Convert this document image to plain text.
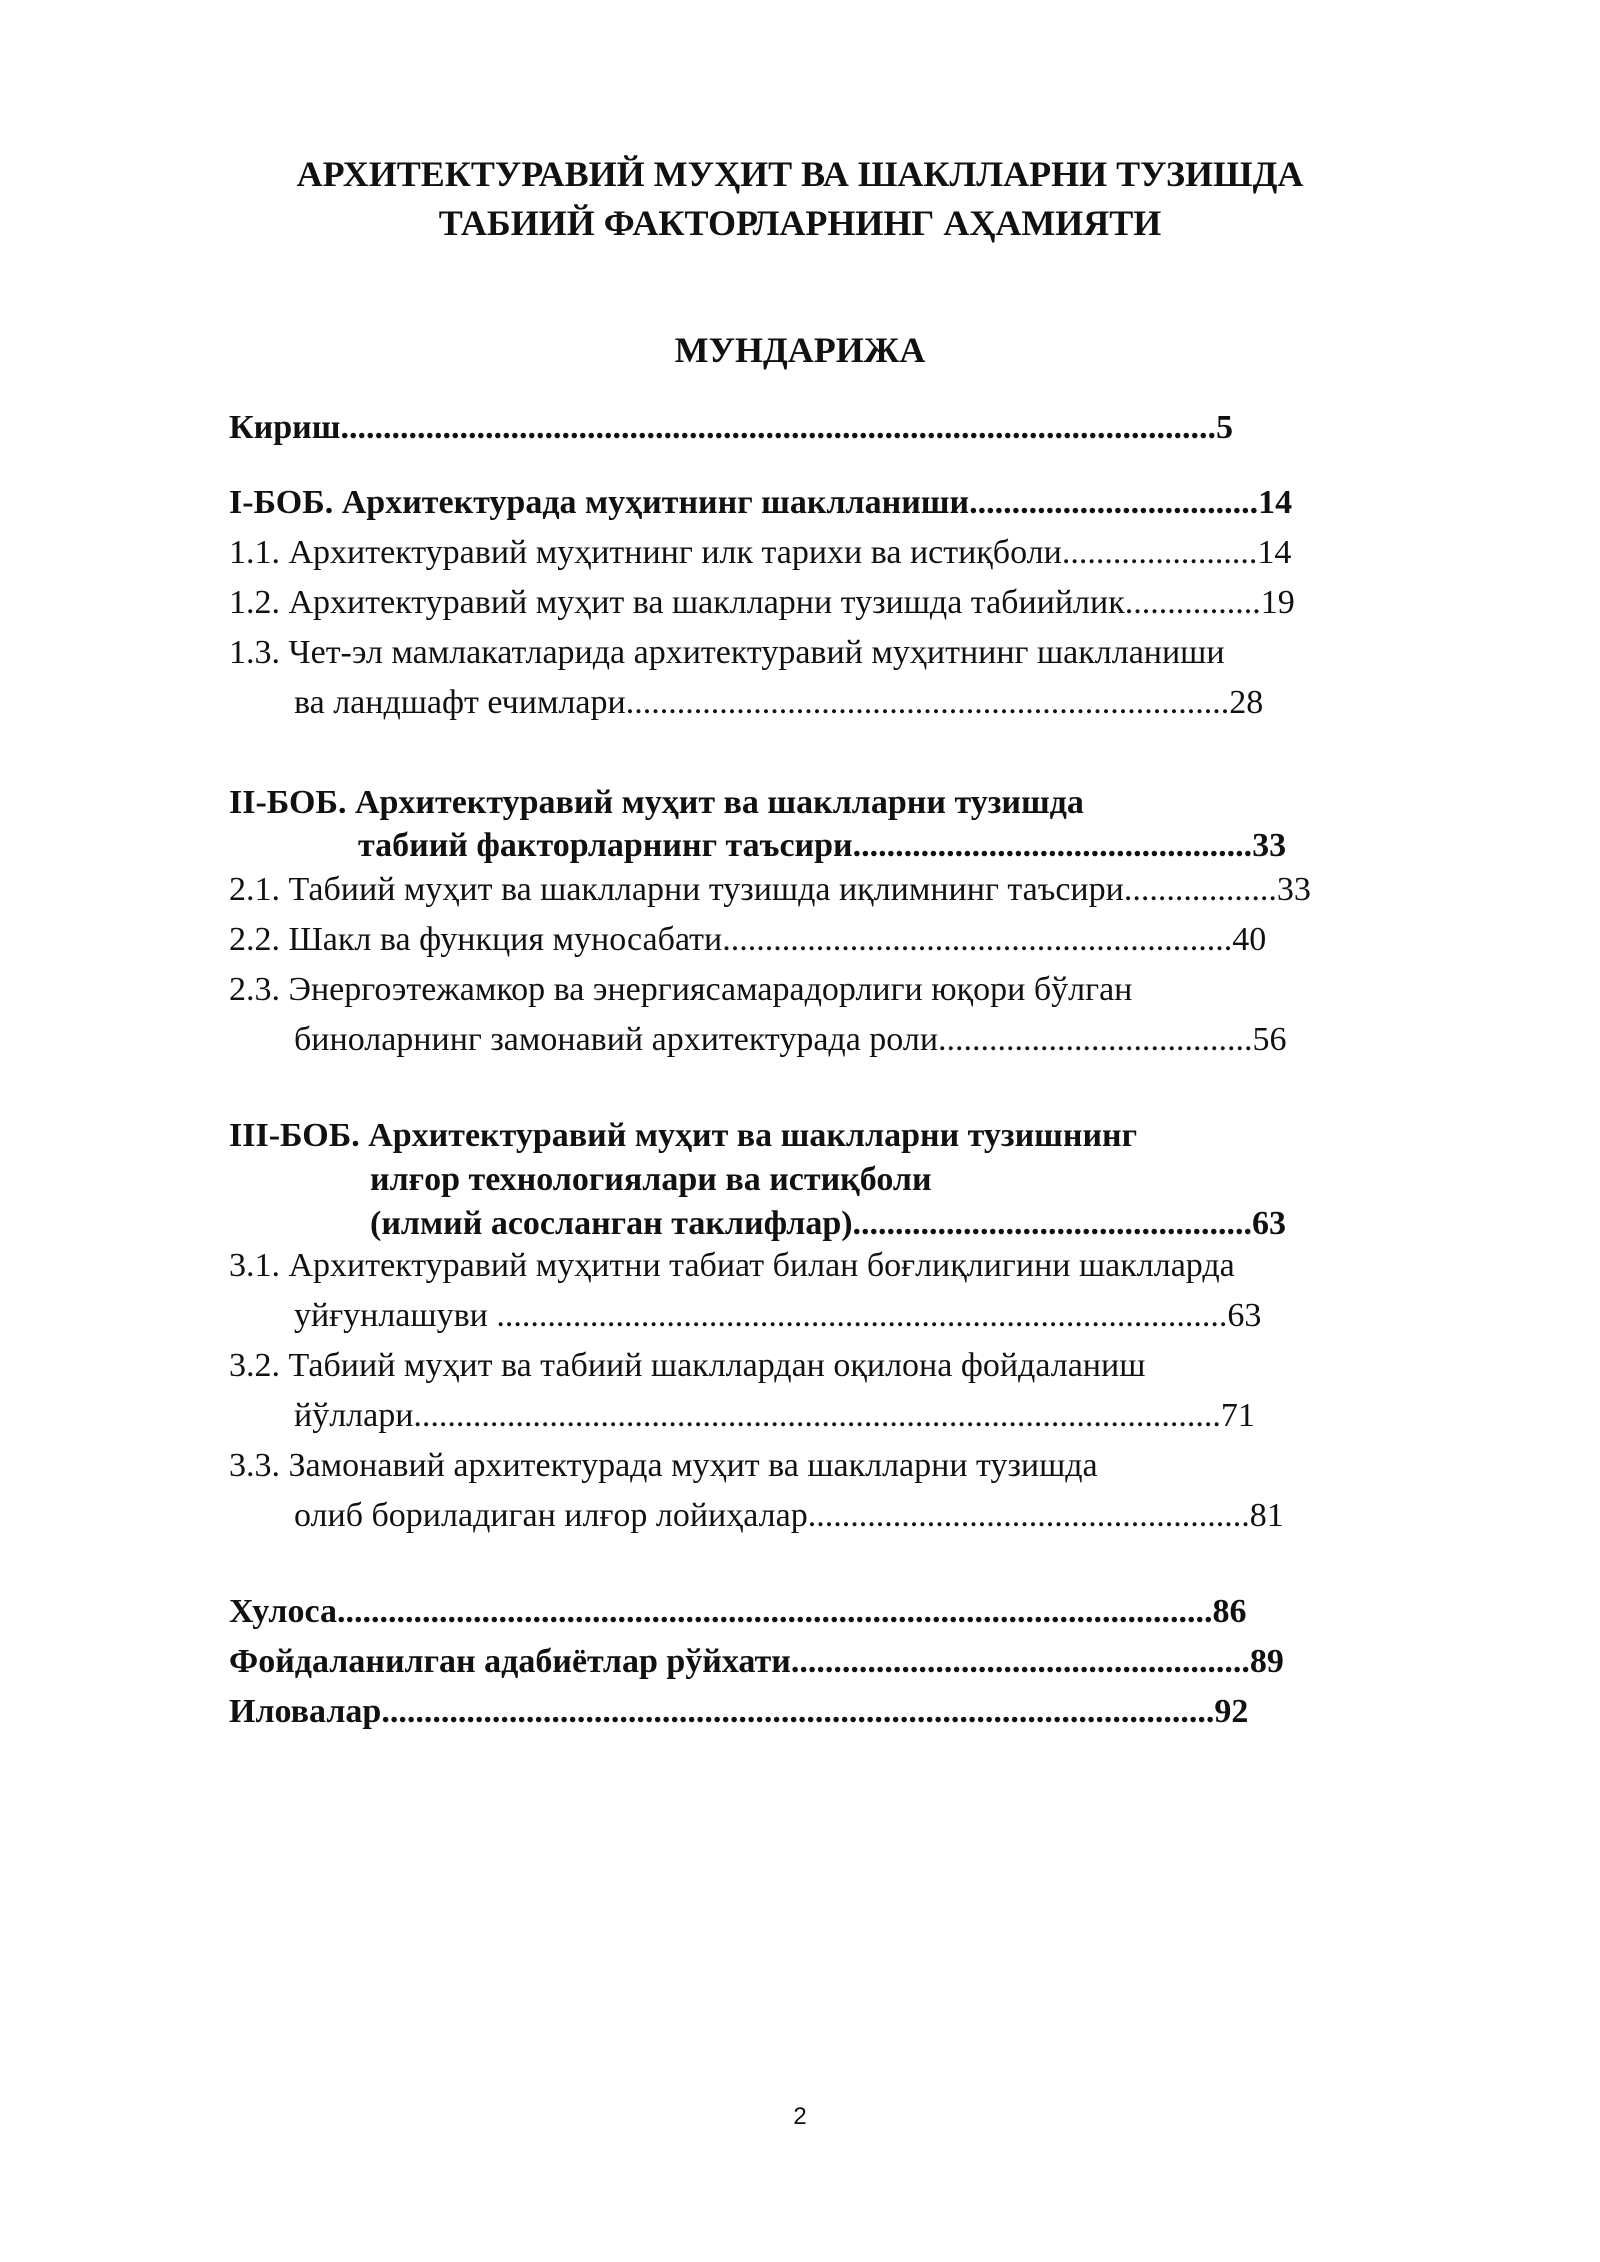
АРХИТЕКТУРАВИЙ МУҲИТ ВА ШАКЛЛАРНИ ТУЗИШДА
ТАБИИЙ ФАКТОРЛАРНИНГ АҲАМИЯТИ
МУНДАРИЖА
Кириш.......................................................................................................5
I-БОБ. Архитектурада муҳитнинг шаклланиши..................................14
1.1. Архитектуравий муҳитнинг илк тарихи ва истиқболи.......................14
1.2. Архитектуравий муҳит ва шаклларни тузишда табиийлик................19
1.3. Чет-эл мамлакатларида архитектуравий муҳитнинг шаклланиши
ва ландшафт ечимлари.......................................................................28
II-БОБ. Архитектуравий муҳит ва шаклларни тузишда
табиий факторларнинг таъсири...............................................33
2.1. Табиий муҳит ва шаклларни тузишда иқлимнинг таъсири..................33
2.2. Шакл ва функция муносабати............................................................40
2.3. Энергоэтежамкор ва энергиясамарадорлиги юқори бўлган
биноларнинг замонавий архитектурада роли.....................................56
III-БОБ. Архитектуравий муҳит ва шаклларни тузишнинг
илғор технологиялари ва истиқболи
(илмий асосланган таклифлар)...............................................63
3.1. Архитектуравий муҳитни табиат билан боғлиқлигини шаклларда
уйғунлашуви ......................................................................................63
3.2. Табиий муҳит ва табиий шакллардан оқилона фойдаланиш
йўллари...............................................................................................71
3.3. Замонавий архитектурада муҳит ва шаклларни тузишда
олиб бориладиган илғор лойиҳалар....................................................81
Хулоса.......................................................................................................86
Фойдаланилган адабиётлар рўйхати......................................................89
Иловалар..................................................................................................92
2
